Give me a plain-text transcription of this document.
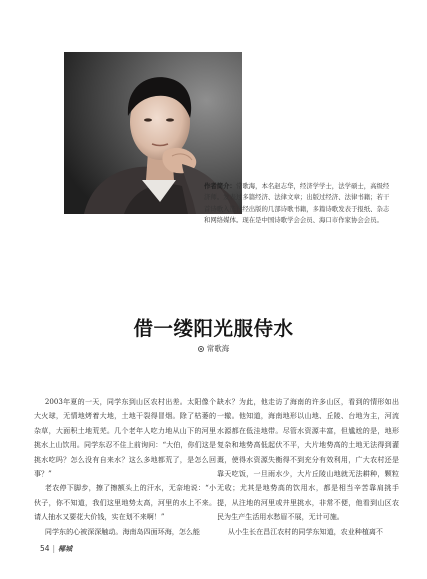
作者简介：常歌海，本名赵志华，经济学学士，法学硕士，高级经济师。发表过多篇经济、法律文章；出版过经济、法律书籍；若干首诗歌入选已经出版的几部诗歌书籍，多篇诗歌发表于报纸、杂志和网络媒体。现在是中国诗歌学会会员、海口市作家协会会员。
借一缕阳光服侍水
常歌海

2003年夏的一天，同学东到山区农村出差。太阳像个大火球，无情地烤着大地，土地干裂得冒烟。除了枯萎的杂草，大面积土地荒芜。几个老年人吃力地从山下的河里挑水上山饮用。同学东忍不住上前询问：“大伯，你们这是挑水吃吗？怎么没有自来水？这么多地都荒了，是怎么回事？”

老农停下脚步，擦了擦额头上的汗水，无奈地说：“小伙子，你不知道，我们这里地势太高，河里的水上不来。请人抽水又要花大价钱，实在划不来啊！”

同学东的心被深深触动。海南岛四面环海，怎么能

缺水？为此，他走访了海南的许多山区，看到的情形如出一辙。他知道，海南地形以山地、丘陵、台地为主，河流水源都在低洼地带。尽管水资源丰富，但尴尬的是，地形复杂和地势高低起伏不平，大片地势高的土地无法得到灌溉，使得水资源失衡得不到充分有效利用，广大农村还是靠天吃饭，一旦雨水少，大片丘陵山地就无法耕种，颗粒无收；尤其是地势高的饮用水，都是相当辛苦靠肩挑手提，从注地的河里或井里挑水，非常不便，他看到山区农民为生产生活用水愁眉不展，无计可施。

从小生长在昌江农村的同学东知道，农业种植离不

54 | 椰城
